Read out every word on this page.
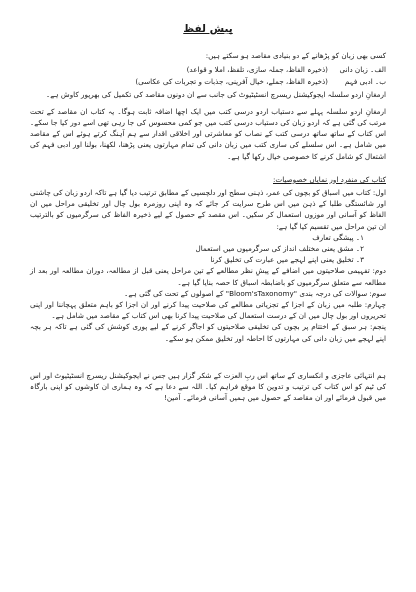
پیش لفظ

کسی بھی زبان کو پڑھانے کے دو بنیادی مقاصد ہو سکتے ہیں:

الف۔ زبان دانی

(ذخیرہ الفاظ، جملہ سازی، تلفظ، املا و قواعد)

ب۔ ادبی فہم

(ذخیرہ الفاظ، جملے، خیال آفرینی، جذبات و تجربات کی عکاسی)

ارمغانِ اردو سلسلہ ایجوکیشنل ریسرچ انسٹیٹیوٹ کی جانب سے ان دونوں مقاصد کی تکمیل کی بھرپور کاوش ہے۔

ارمغانِ اردو سلسلہ پہلے سے دستیاب اردو درسی کتب میں ایک اچھا اضافہ ثابت ہوگا۔ یہ کتاب ان مقاصد کے تحت مرتب کی گئی ہے کہ اردو زبان کی دستیاب درسی کتب میں جو کمی محسوس کی جا رہی تھی اسے دور کیا جا سکے۔ اس کتاب کے ساتھ ساتھ درسی کتب کے نصاب کو معاشرتی اور اخلاقی اقدار سے ہم آہنگ کرتے ہوئے اس کے مقاصد میں شامل ہے۔ اس سلسلے کی ساری کتب میں زبان دانی کی تمام مہارتوں یعنی پڑھنا، لکھنا، بولنا اور ادبی فہم کی اشتعال کو شامل کرنے کا خصوصی خیال رکھا گیا ہے۔

کتاب کی منفرد اور نمایاں خصوصیات:

اول: کتاب میں اسباق کو بچوں کی عمر، ذہنی سطح اور دلچسپی کے مطابق ترتیب دیا گیا ہے تاکہ اردو زبان کی چاشنی اور شائستگی طلبا کے ذہن میں اس طرح سرایت کر جائے کہ وہ اپنی روزمرہ بول چال اور تخلیقی مراحل میں ان الفاظ کو آسانی اور موزوں استعمال کر سکیں۔ اس مقصد کے حصول کے لیے ذخیرہ الفاظ کی سرگرمیوں کو بالترتیب ان تین مراحل میں تقسیم کیا گیا ہے:

۱۔ پیشگی تعارف

۲۔ مشق یعنی مختلف انداز کی سرگرمیوں میں استعمال

۳۔ تخلیق یعنی اپنے لہجے میں عبارت کی تخلیق کرنا

دوم: تفہیمی صلاحیتوں میں اضافے کے پیشِ نظر مطالعے کے تین مراحل یعنی قبل از مطالعہ، دوران مطالعہ اور بعد از مطالعہ سے متعلق سرگرمیوں کو باضابطہ اسباق کا حصہ بنایا گیا ہے۔

سوم: سوالات کی درجہ بندی "Bloom'sTaxonomy" کے اصولوں کے تحت کی گئی ہے۔

چہارم: طلبہ میں زبان کے اجزا کے تجزیاتی مطالعے کی صلاحیت پیدا کرنے اور ان اجزا کو باہم متعلق پہچاننا اور اپنی تحریروں اور بول چال میں ان کے درست استعمال کی صلاحیت پیدا کرنا بھی اس کتاب کے مقاصد میں شامل ہے۔

پنجم: ہر سبق کے اختتام پر بچوں کی تخلیقی صلاحیتوں کو اجاگر کرنے کے لیے پوری کوشش کی گئی ہے تاکہ ہر بچہ اپنے لہجے میں زبان دانی کی مہارتوں کا احاطہ اور تخلیق ممکن ہو سکے۔

ہم انتہائی عاجزی و انکساری کے ساتھ اس ربِ العزت کے شکر گزار ہیں جس نے ایجوکیشنل ریسرچ انسٹیٹیوٹ اور اس کی ٹیم کو اس کتاب کی ترتیب و تدوین کا موقع فراہم کیا۔ اللہ سے دعا ہے کہ وہ ہماری ان کاوشوں کو اپنی بارگاہ میں قبول فرمائے اور ان مقاصد کے حصول میں ہمیں آسانی فرمائے۔ آمین!
